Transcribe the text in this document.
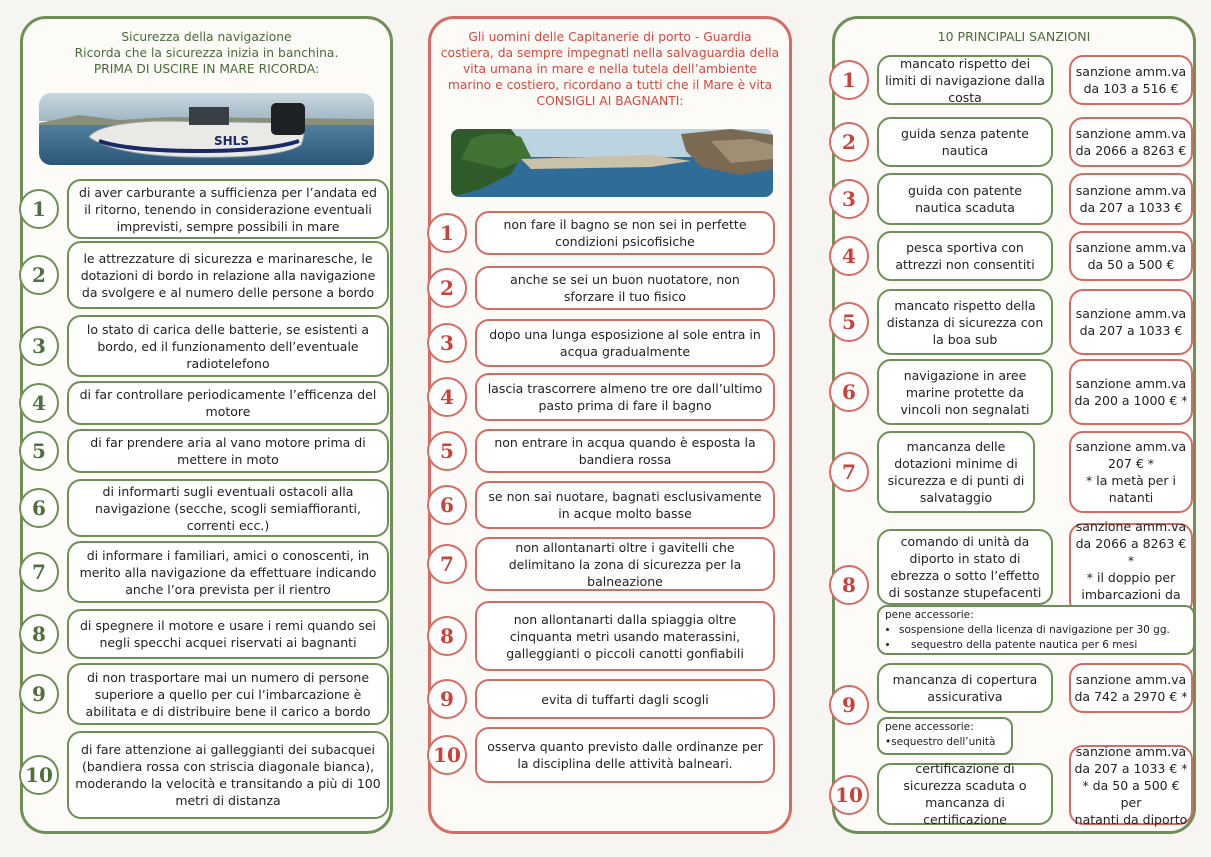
Sicurezza della navigazione
Ricorda che la sicurezza inizia in banchina.
PRIMA DI USCIRE IN MARE RICORDA:
SHLS
di aver carburante a sufficienza per l’andata ed il ritorno, tenendo in considerazione eventuali imprevisti, sempre possibili in mare
1
le attrezzature di sicurezza e marinaresche, le dotazioni di bordo in relazione alla navigazione da svolgere e al numero delle persone a bordo
2
lo stato di carica delle batterie, se esistenti a bordo, ed il funzionamento dell’eventuale radiotelefono
3
di far controllare periodicamente l’efficenza del motore
4
di far prendere aria al vano motore prima di mettere in moto
5
di informarti sugli eventuali ostacoli alla navigazione (secche, scogli semiaffioranti, correnti ecc.)
6
di informare i familiari, amici o conoscenti, in merito alla navigazione da effettuare indicando anche l’ora prevista per il rientro
7
di spegnere il motore e usare i remi quando sei negli specchi acquei riservati ai bagnanti
8
di non trasportare mai un numero di persone superiore a quello per cui l’imbarcazione è abilitata e di distribuire bene il carico a bordo
9
di fare attenzione ai galleggianti dei subacquei (bandiera rossa con striscia diagonale bianca), moderando la velocità e transitando a più di 100 metri di distanza
10
Gli uomini delle Capitanerie di porto - Guardia
costiera, da sempre impegnati nella salvaguardia della
vita umana in mare e nella tutela dell’ambiente
marino e costiero, ricordano a tutti che il Mare è vita
CONSIGLI AI BAGNANTI:
non fare il bagno se non sei in perfette condizioni psicofisiche
1
anche se sei un buon nuotatore, non sforzare il tuo fisico
2
dopo una lunga esposizione al sole entra in acqua gradualmente
3
lascia trascorrere almeno tre ore dall’ultimo pasto prima di fare il bagno
4
non entrare in acqua quando è esposta la bandiera rossa
5
se non sai nuotare, bagnati esclusivamente in acque molto basse
6
non allontanarti oltre i gavitelli che delimitano la zona di sicurezza per la balneazione
7
non allontanarti dalla spiaggia oltre cinquanta metri usando materassini, galleggianti o piccoli canotti gonfiabili
8
evita di tuffarti dagli scogli
9
osserva quanto previsto dalle ordinanze per la disciplina delle attività balneari.
10
10 PRINCIPALI SANZIONI
mancato rispetto dei limiti di navigazione dalla costa
sanzione amm.va
da 103 a 516 €
1
guida senza patente nautica
sanzione amm.va
da 2066 a 8263 €
2
guida con patente nautica scaduta
sanzione amm.va
da 207 a 1033 €
3
pesca sportiva con attrezzi non consentiti
sanzione amm.va
da 50 a 500 €
4
mancato rispetto della distanza di sicurezza con la boa sub
sanzione amm.va
da 207 a 1033 €
5
navigazione in aree marine protette da vincoli non segnalati
sanzione amm.va
da 200 a 1000 € *
6
mancanza delle dotazioni minime di sicurezza e di punti di salvataggio
sanzione amm.va
207 € *
* la metà per i
natanti
7
comando di unità da diporto in stato di ebrezza o sotto l’effetto di sostanze stupefacenti
sanzione amm.va
da 2066 a 8263 € *
* il doppio per
imbarcazioni da
8
mancanza di copertura assicurativa
sanzione amm.va
da 742 a 2970 € *
9
certificazione di sicurezza scaduta o mancanza di certificazione
sanzione amm.va
da 207 a 1033 € *
* da 50 a 500 € per
natanti da diporto
10
pene accessorie:
• sospensione della licenza di navigazione per 30 gg.
• sequestro della patente nautica per 6 mesi
pene accessorie:
•sequestro dell’unità
